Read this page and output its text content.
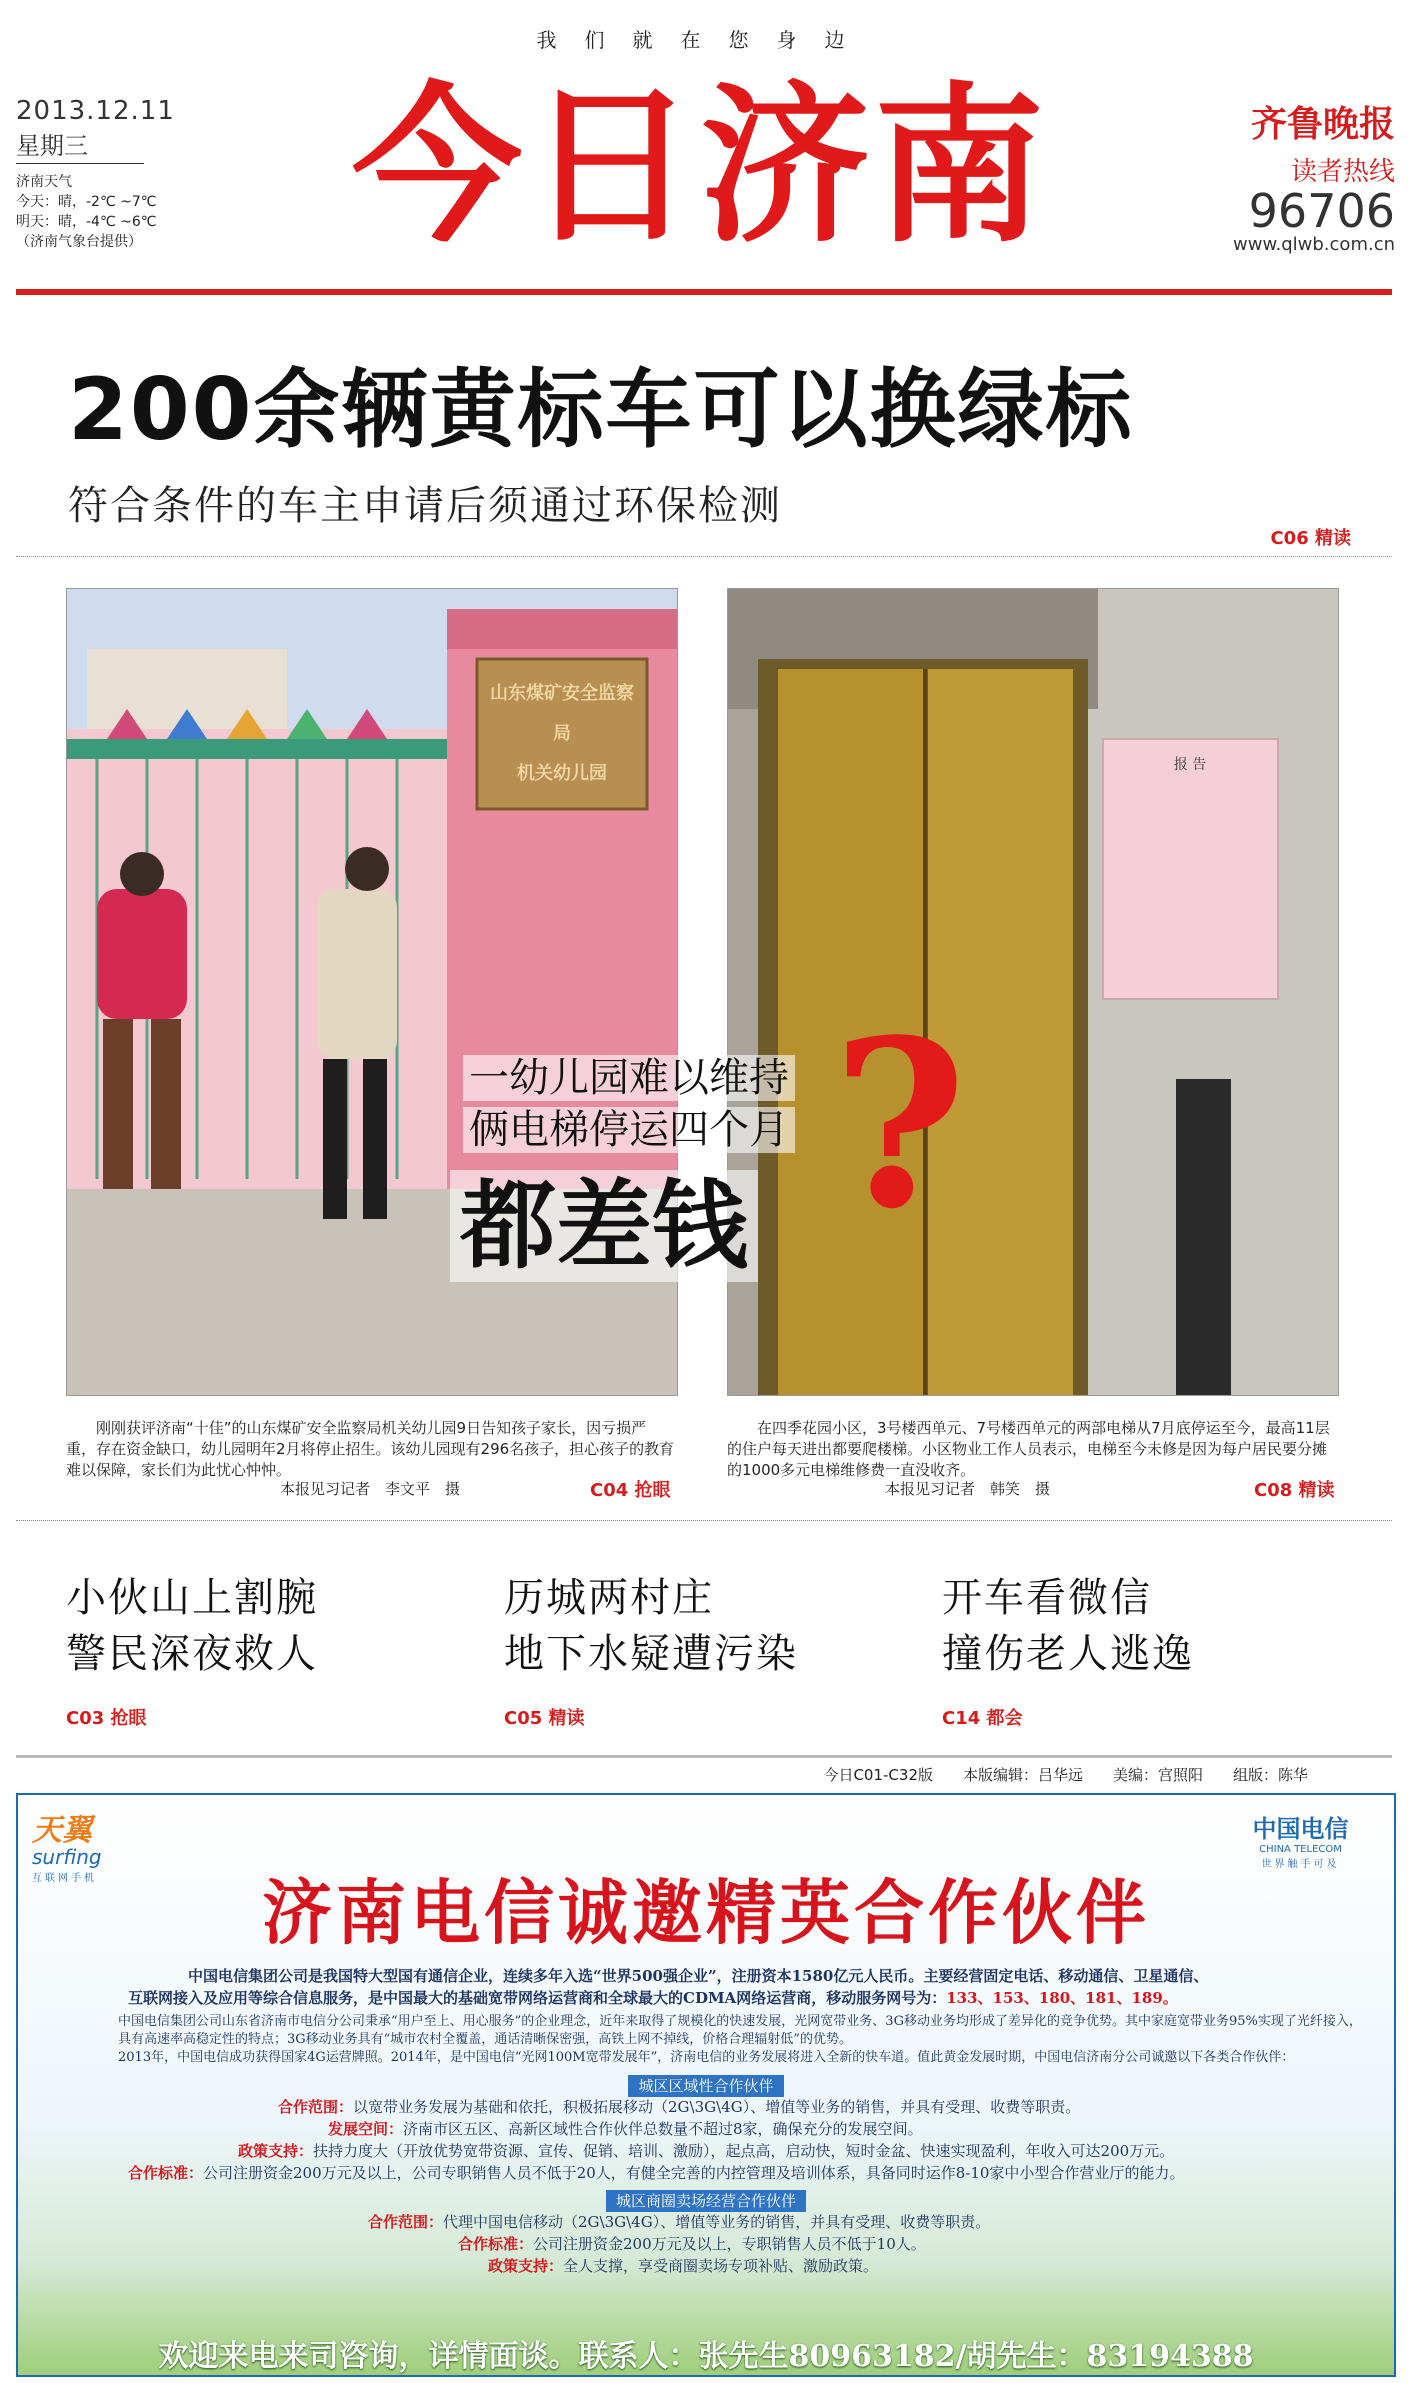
我们就在您身边
2013.12.11
星期三
济南天气
今天：晴，-2℃ ~7℃
明天：晴，-4℃ ~6℃
（济南气象台提供） 今日济南	齐鲁晚报
读者热线
96706
www.qlwb.com.cn
200余辆黄标车可以换绿标
符合条件的车主申请后须通过环保检测
C06 精读
山东煤矿安全监察局
机关幼儿园	报 告
一幼儿园难以维持
俩电梯停运四个月
都差钱 ?
刚刚获评济南“十佳”的山东煤矿安全监察局机关幼儿园9日告知孩子家长，因亏损严重，存在资金缺口，幼儿园明年2月将停止招生。该幼儿园现有296名孩子，担心孩子的教育难以保障，家长们为此忧心忡忡。
本报见习记者　李文平　摄	C04 抢眼
在四季花园小区，3号楼西单元、7号楼西单元的两部电梯从7月底停运至今，最高11层的住户每天进出都要爬楼梯。小区物业工作人员表示，电梯至今未修是因为每户居民要分摊的1000多元电梯维修费一直没收齐。
本报见习记者　韩笑　摄	C08 精读
小伙山上割腕
警民深夜救人
C03 抢眼
历城两村庄
地下水疑遭污染
C05 精读
开车看微信
撞伤老人逃逸
C14 都会
今日C01-C32版　　本版编辑：吕华远　　美编：宫照阳　　组版：陈华
天翼
surfing
互联网手机
中国电信
CHINA TELECOM
世界触手可及
济南电信诚邀精英合作伙伴
中国电信集团公司是我国特大型国有通信企业，连续多年入选“世界500强企业”，注册资本1580亿元人民币。主要经营固定电话、移动通信、卫星通信、
互联网接入及应用等综合信息服务，是中国最大的基础宽带网络运营商和全球最大的CDMA网络运营商，移动服务网号为：133、153、180、181、189。
中国电信集团公司山东省济南市电信分公司秉承“用户至上、用心服务”的企业理念，近年来取得了规模化的快速发展，光网宽带业务、3G移动业务均形成了差异化的竞争优势。其中家庭宽带业务95%实现了光纤接入，具有高速率高稳定性的特点；3G移动业务具有“城市农村全覆盖，通话清晰保密强，高铁上网不掉线，价格合理辐射低”的优势。
2013年，中国电信成功获得国家4G运营牌照。2014年，是中国电信“光网100M宽带发展年”，济南电信的业务发展将进入全新的快车道。值此黄金发展时期，中国电信济南分公司诚邀以下各类合作伙伴：
城区区域性合作伙伴
合作范围：以宽带业务发展为基础和依托，积极拓展移动（2G\3G\4G）、增值等业务的销售，并具有受理、收费等职责。
发展空间：济南市区五区、高新区域性合作伙伴总数量不超过8家，确保充分的发展空间。
政策支持：扶持力度大（开放优势宽带资源、宣传、促销、培训、激励），起点高，启动快，短时金盆、快速实现盈利，年收入可达200万元。
合作标准：公司注册资金200万元及以上，公司专职销售人员不低于20人，有健全完善的内控管理及培训体系，具备同时运作8-10家中小型合作营业厅的能力。
城区商圈卖场经营合作伙伴
合作范围：代理中国电信移动（2G\3G\4G）、增值等业务的销售，并具有受理、收费等职责。
合作标准：公司注册资金200万元及以上，专职销售人员不低于10人。
政策支持：全人支撑，享受商圈卖场专项补贴、激励政策。
欢迎来电来司咨询，详情面谈。联系人：张先生80963182/胡先生：83194388
